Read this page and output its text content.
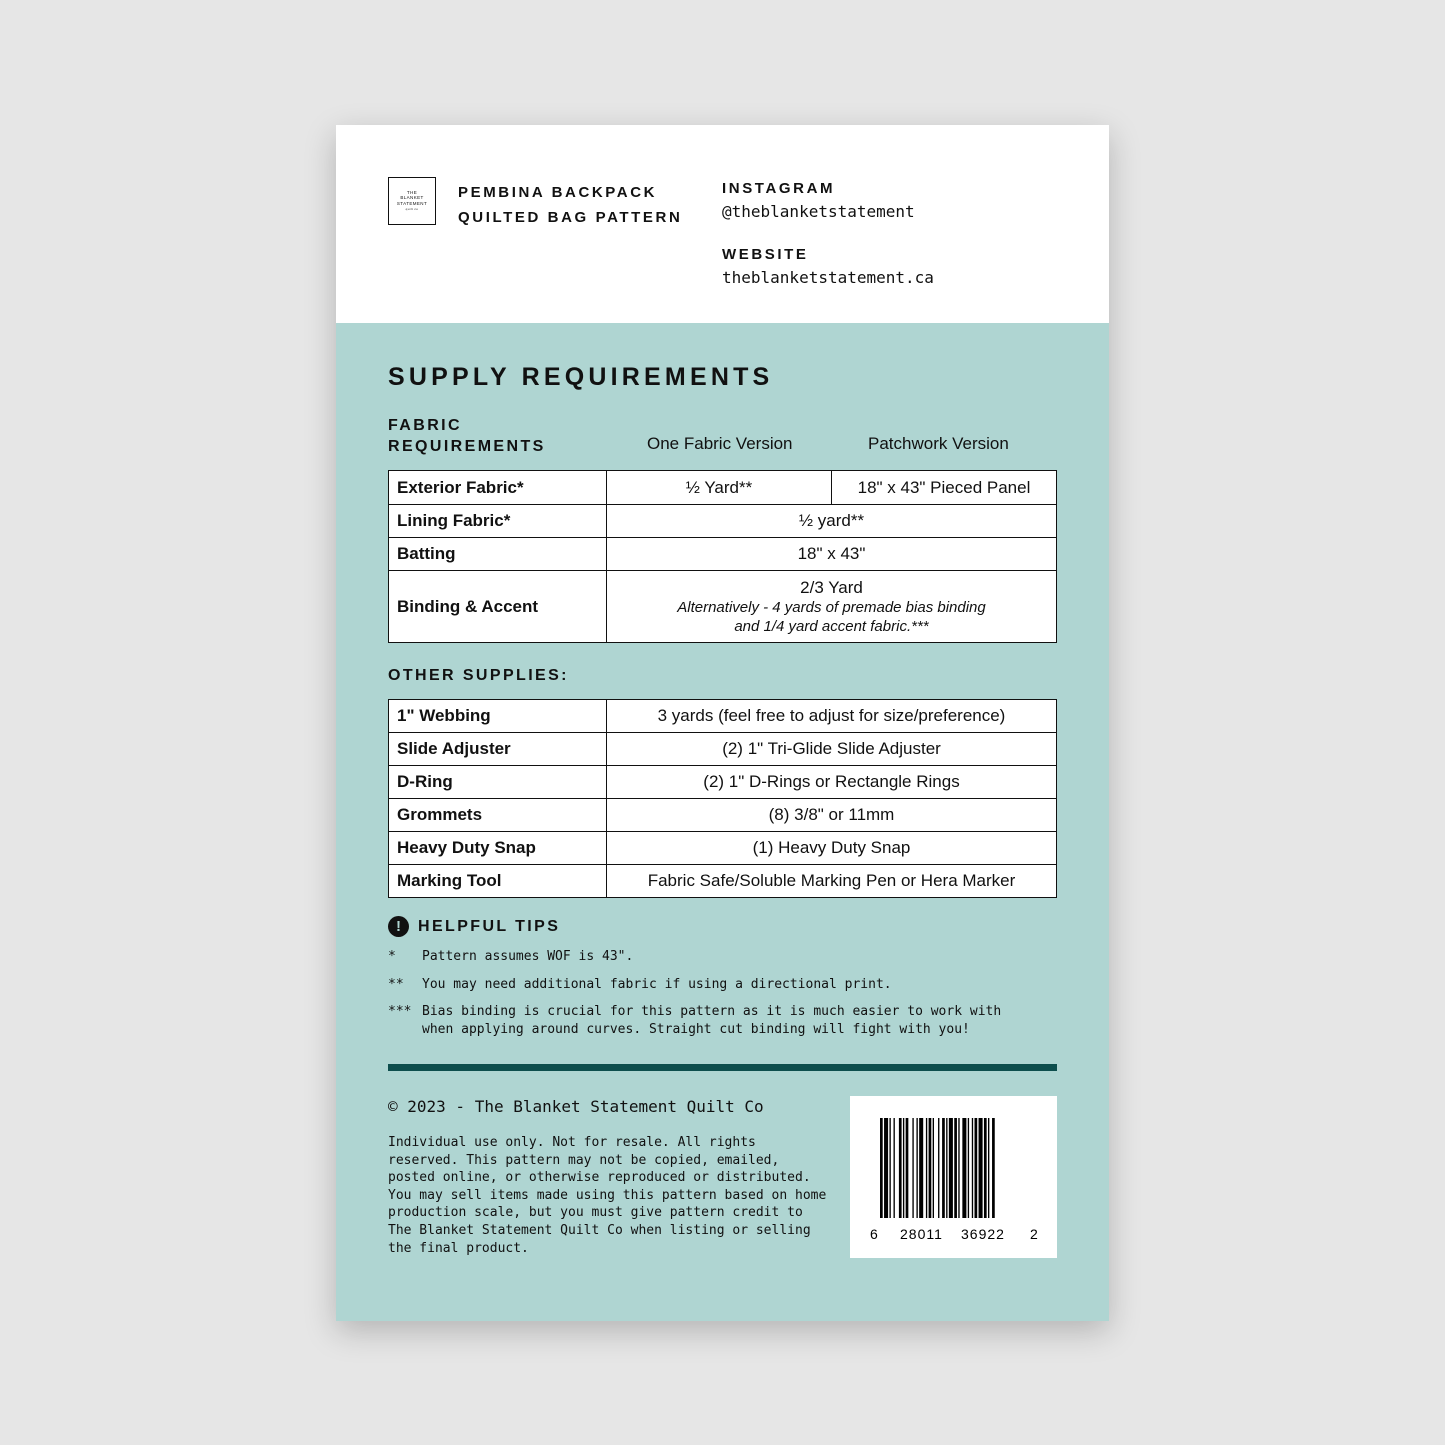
THE
BLANKET
STATEMENT
quilt co
PEMBINA BACKPACK
QUILTED BAG PATTERN
INSTAGRAM
@theblanketstatement
WEBSITE
theblanketstatement.ca
SUPPLY REQUIREMENTS
FABRIC
REQUIREMENTS	One Fabric Version	Patchwork Version
Exterior Fabric*	½ Yard**	18" x 43" Pieced Panel
Lining Fabric*	½ yard**	
Batting	18" x 43"	
Binding & Accent	2/3 Yard
Alternatively - 4 yards of premade bias binding
and 1/4 yard accent fabric.***	
OTHER SUPPLIES:
1" Webbing	3 yards (feel free to adjust for size/preference)
Slide Adjuster	(2) 1" Tri-Glide Slide Adjuster
D-Ring	(2) 1" D-Rings or Rectangle Rings
Grommets	(8) 3/8" or 11mm
Heavy Duty Snap	(1) Heavy Duty Snap
Marking Tool	Fabric Safe/Soluble Marking Pen or Hera Marker
!	HELPFUL TIPS
*	Pattern assumes WOF is 43".
**	You may need additional fabric if using a directional print.
*** Bias binding is crucial for this pattern as it is much easier to work with
when applying around curves. Straight cut binding will fight with you!
© 2023 - The Blanket Statement Quilt Co
Individual use only. Not for resale. All rights reserved. This pattern may not be copied, emailed, posted online, or otherwise reproduced or distributed. You may sell items made using this pattern based on home production scale, but you must give pattern credit to The Blanket Statement Quilt Co when listing or selling the final product.
6 28011 36922 2
